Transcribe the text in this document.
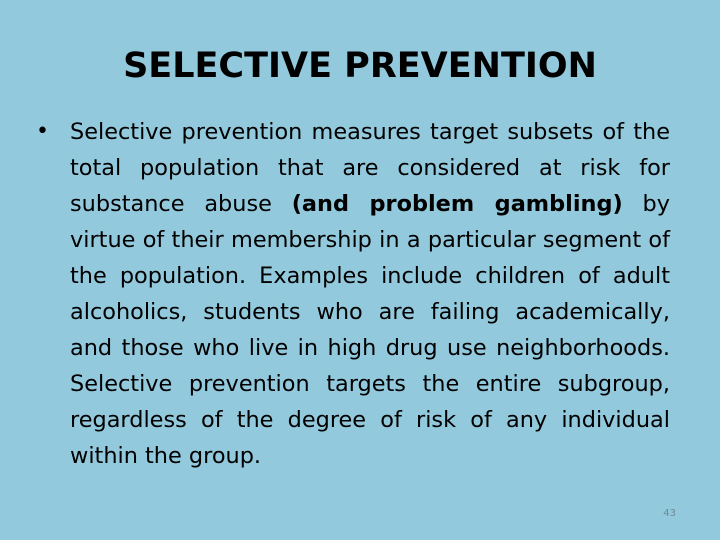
SELECTIVE PREVENTION
• Selective prevention measures target subsets of the total population that are considered at risk for substance abuse (and problem gambling) by virtue of their membership in a particular segment of the population. Examples include children of adult alcoholics, students who are failing academically, and those who live in high drug use neighborhoods. Selective prevention targets the entire subgroup, regardless of the degree of risk of any individual within the group.

43
